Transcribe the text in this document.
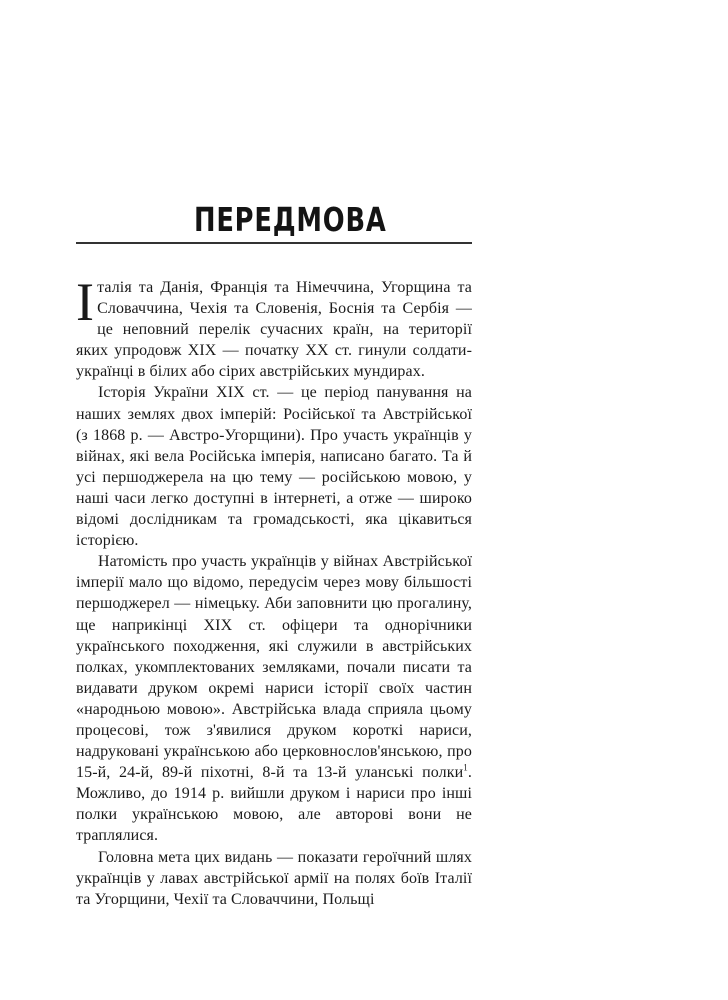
ПЕРЕДМОВА

Італія та Данія, Франція та Німеччина, Угорщина та Словаччина, Чехія та Словенія, Боснія та Сербія — це неповний перелік сучасних країн, на території яких упродовж XIX — початку XX ст. гинули солдати-українці в білих або сірих австрійських мундирах.

Історія України XIX ст. — це період панування на наших землях двох імперій: Російської та Австрійської (з 1868 р. — Австро-Угорщини). Про участь українців у війнах, які вела Російська імперія, написано багато. Та й усі першоджерела на цю тему — російською мовою, у наші часи легко доступні в інтернеті, а отже — широко відомі дослідникам та громадськості, яка цікавиться історією.

Натомість про участь українців у війнах Австрійської імперії мало що відомо, передусім через мову більшості першоджерел — німецьку. Аби заповнити цю прогалину, ще наприкінці XIX ст. офіцери та однорічники українського походження, які служили в австрійських полках, укомплектованих земляками, почали писати та видавати друком окремі нариси історії своїх частин «народньою мовою». Австрійська влада сприяла цьому процесові, тож з'явилися друком короткі нариси, надруковані українською або церковнослов'янською, про 15-й, 24-й, 89-й піхотні, 8-й та 13-й уланські полки$^1$. Можливо, до 1914 р. вийшли друком і нариси про інші полки українською мовою, але авторові вони не траплялися.

Головна мета цих видань — показати героїчний шлях українців у лавах австрійської армії на полях боїв Італії та Угорщини, Чехії та Словаччини, Польщі
